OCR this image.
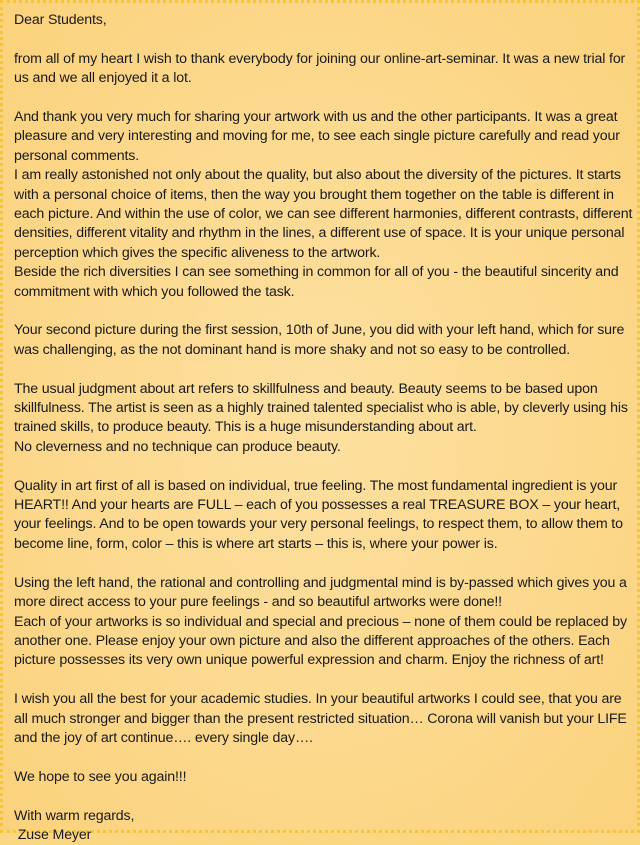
Dear Students,

from all of my heart I wish to thank everybody for joining our online-art-seminar. It was a new trial for us and we all enjoyed it a lot.

And thank you very much for sharing your artwork with us and the other participants. It was a great pleasure and very interesting and moving for me, to see each single picture carefully and read your personal comments.

I am really astonished not only about the quality, but also about the diversity of the pictures. It starts with a personal choice of items, then the way you brought them together on the table is different in each picture. And within the use of color, we can see different harmonies, different contrasts, different densities, different vitality and rhythm in the lines, a different use of space. It is your unique personal perception which gives the specific aliveness to the artwork.

Beside the rich diversities I can see something in common for all of you - the beautiful sincerity and commitment with which you followed the task.

Your second picture during the first session, 10th of June, you did with your left hand, which for sure was challenging, as the not dominant hand is more shaky and not so easy to be controlled.

The usual judgment about art refers to skillfulness and beauty. Beauty seems to be based upon skillfulness. The artist is seen as a highly trained talented specialist who is able, by cleverly using his trained skills, to produce beauty. This is a huge misunderstanding about art.

No cleverness and no technique can produce beauty.

Quality in art first of all is based on individual, true feeling. The most fundamental ingredient is your HEART!! And your hearts are FULL – each of you possesses a real TREASURE BOX – your heart, your feelings. And to be open towards your very personal feelings, to respect them, to allow them to become line, form, color – this is where art starts – this is, where your power is.

Using the left hand, the rational and controlling and judgmental mind is by-passed which gives you a more direct access to your pure feelings - and so beautiful artworks were done!!

Each of your artworks is so individual and special and precious – none of them could be replaced by another one. Please enjoy your own picture and also the different approaches of the others. Each picture possesses its very own unique powerful expression and charm. Enjoy the richness of art!

I wish you all the best for your academic studies. In your beautiful artworks I could see, that you are all much stronger and bigger than the present restricted situation… Corona will vanish but your LIFE and the joy of art continue…. every single day….

We hope to see you again!!!

With warm regards,

Zuse Meyer
